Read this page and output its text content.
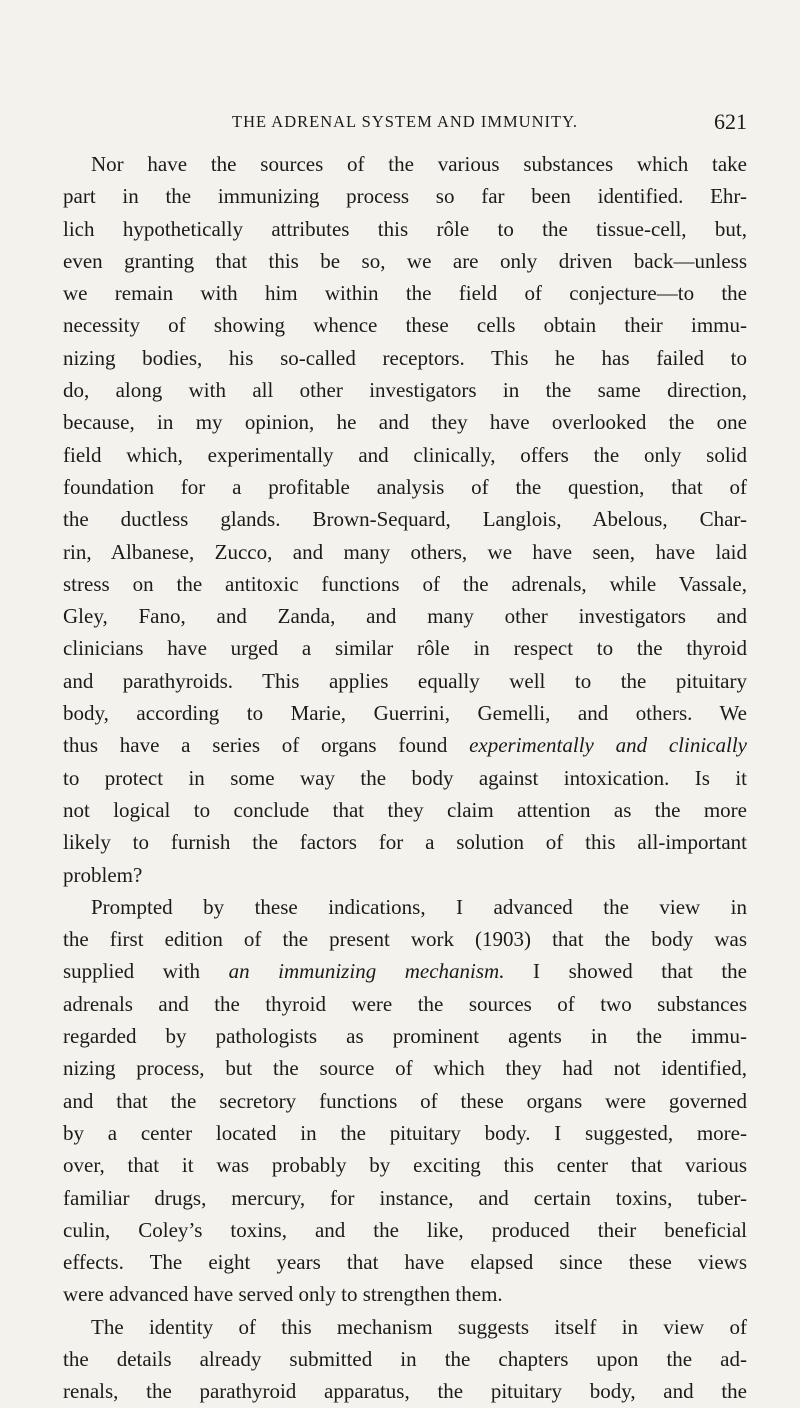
THE ADRENAL SYSTEM AND IMMUNITY.	621
Nor have the sources of the various substances which take
part in the immunizing process so far been identified. Ehr-
lich hypothetically attributes this rôle to the tissue-cell, but,
even granting that this be so, we are only driven back—unless
we remain with him within the field of conjecture—to the
necessity of showing whence these cells obtain their immu-
nizing bodies, his so-called receptors. This he has failed to
do, along with all other investigators in the same direction,
because, in my opinion, he and they have overlooked the one
field which, experimentally and clinically, offers the only solid
foundation for a profitable analysis of the question, that of
the ductless glands. Brown-Sequard, Langlois, Abelous, Char-
rin, Albanese, Zucco, and many others, we have seen, have laid
stress on the antitoxic functions of the adrenals, while Vassale,
Gley, Fano, and Zanda, and many other investigators and
clinicians have urged a similar rôle in respect to the thyroid
and parathyroids. This applies equally well to the pituitary
body, according to Marie, Guerrini, Gemelli, and others. We
thus have a series of organs found experimentally and clinically
to protect in some way the body against intoxication. Is it
not logical to conclude that they claim attention as the more
likely to furnish the factors for a solution of this all-important
problem?
Prompted by these indications, I advanced the view in
the first edition of the present work (1903) that the body was
supplied with an immunizing mechanism. I showed that the
adrenals and the thyroid were the sources of two substances
regarded by pathologists as prominent agents in the immu-
nizing process, but the source of which they had not identified,
and that the secretory functions of these organs were governed
by a center located in the pituitary body. I suggested, more-
over, that it was probably by exciting this center that various
familiar drugs, mercury, for instance, and certain toxins, tuber-
culin, Coley’s toxins, and the like, produced their beneficial
effects. The eight years that have elapsed since these views
were advanced have served only to strengthen them.
The identity of this mechanism suggests itself in view of
the details already submitted in the chapters upon the ad-
renals, the parathyroid apparatus, the pituitary body, and the
